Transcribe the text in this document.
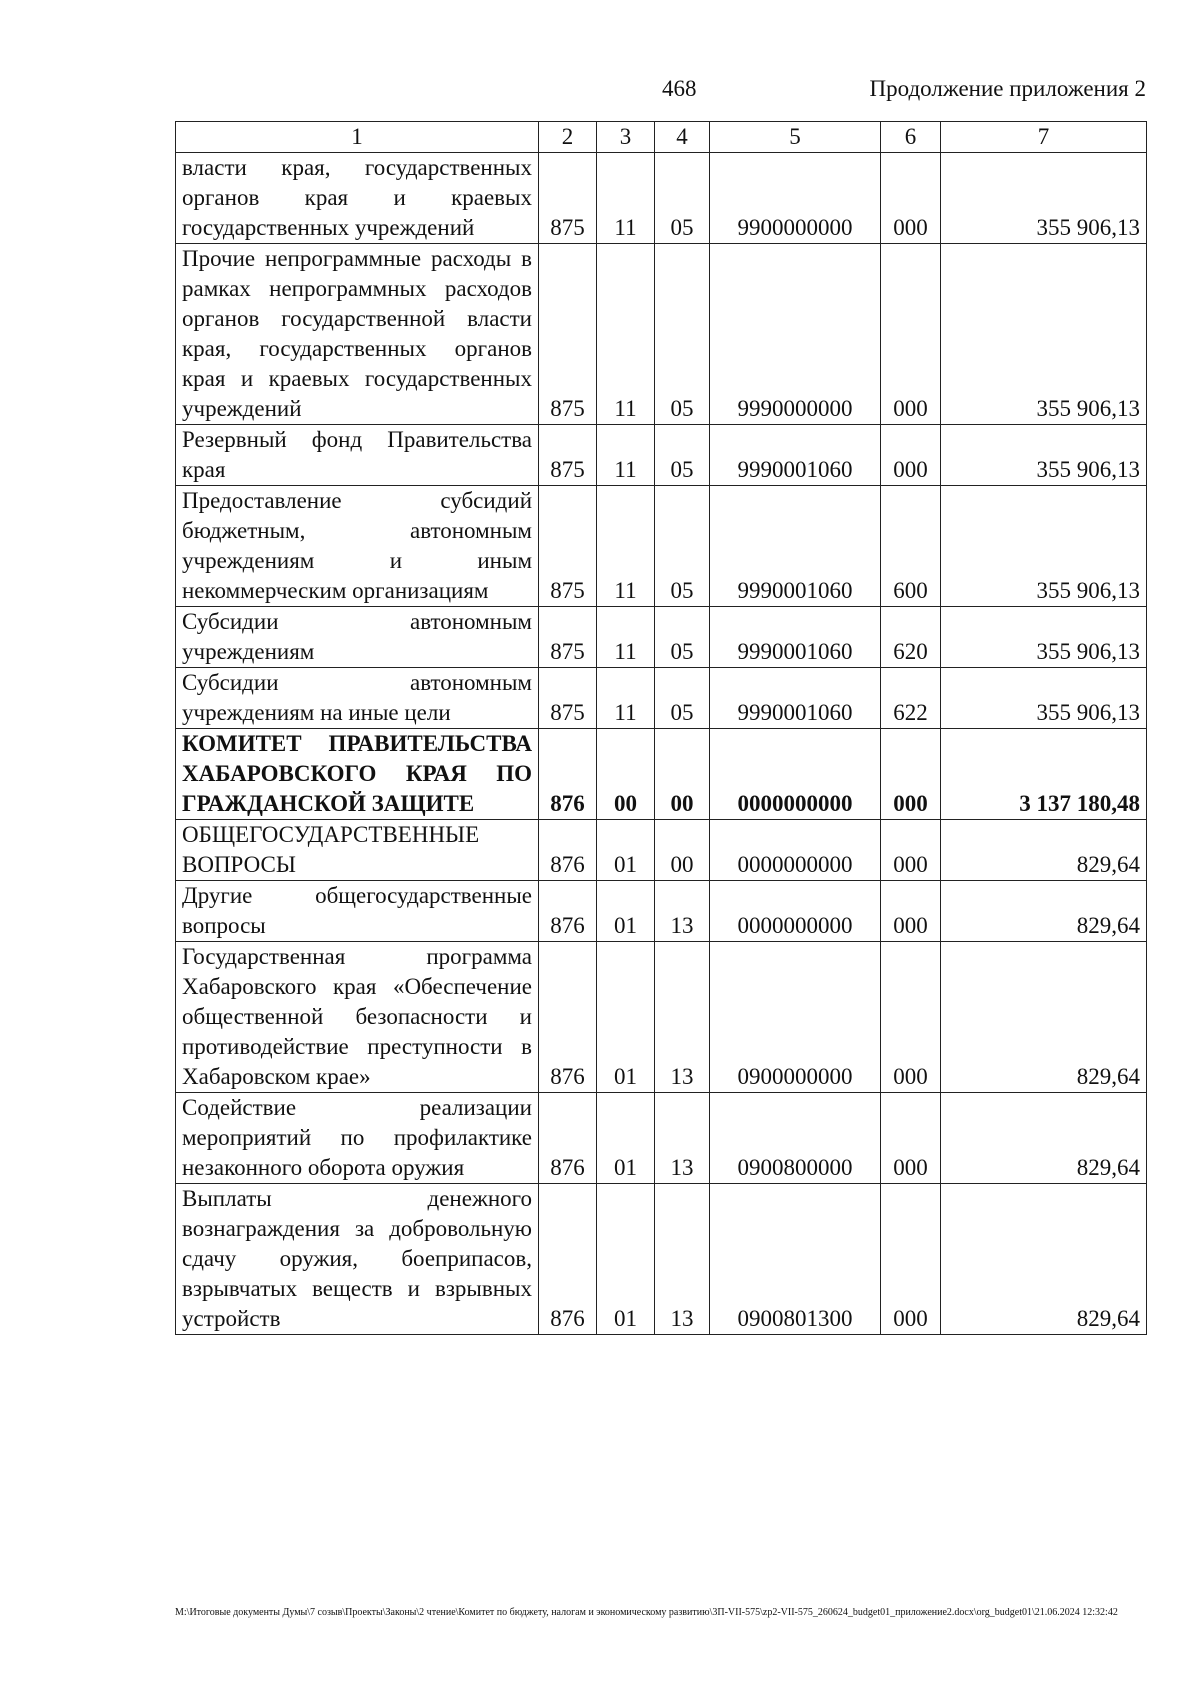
468	Продолжение приложения 2
1	2	3	4	5	6	7

власти края, государственных органов края и краевых государственных учреждений	875	11	05	9900000000	000	355 906,13

Прочие непрограммные расходы в рамках непрограммных расходов органов государственной власти края, государственных органов края и краевых государственных учреждений	875	11	05	9990000000	000	355 906,13

Резервный фонд Правительства края	875	11	05	9990001060	000	355 906,13

Предоставление субсидий бюджетным, автономным учреждениям и иным некоммерческим организациям	875	11	05	9990001060	600	355 906,13

Субсидии автономным учреждениям	875	11	05	9990001060	620	355 906,13

Субсидии автономным учреждениям на иные цели	875	11	05	9990001060	622	355 906,13

КОМИТЕТ ПРАВИТЕЛЬСТВА ХАБАРОВСКОГО КРАЯ ПО ГРАЖДАНСКОЙ ЗАЩИТЕ	876	00	00	0000000000	000	3 137 180,48

ОБЩЕГОСУДАРСТВЕННЫЕ ВОПРОСЫ	876	01	00	0000000000	000	829,64

Другие общегосударственные вопросы	876	01	13	0000000000	000	829,64

Государственная программа Хабаровского края «Обеспечение общественной безопасности и противодействие преступности в Хабаровском крае»	876	01	13	0900000000	000	829,64

Содействие реализации мероприятий по профилактике незаконного оборота оружия	876	01	13	0900800000	000	829,64

Выплаты денежного вознаграждения за добровольную сдачу оружия, боеприпасов, взрывчатых веществ и взрывных устройств	876	01	13	0900801300	000	829,64
M:\Итоговые документы Думы\7 созыв\Проекты\Законы\2 чтение\Комитет по бюджету, налогам и экономическому развитию\3П-VII-575\zp2-VII-575_260624_budget01_приложение2.docx\org_budget01\21.06.2024 12:32:42
